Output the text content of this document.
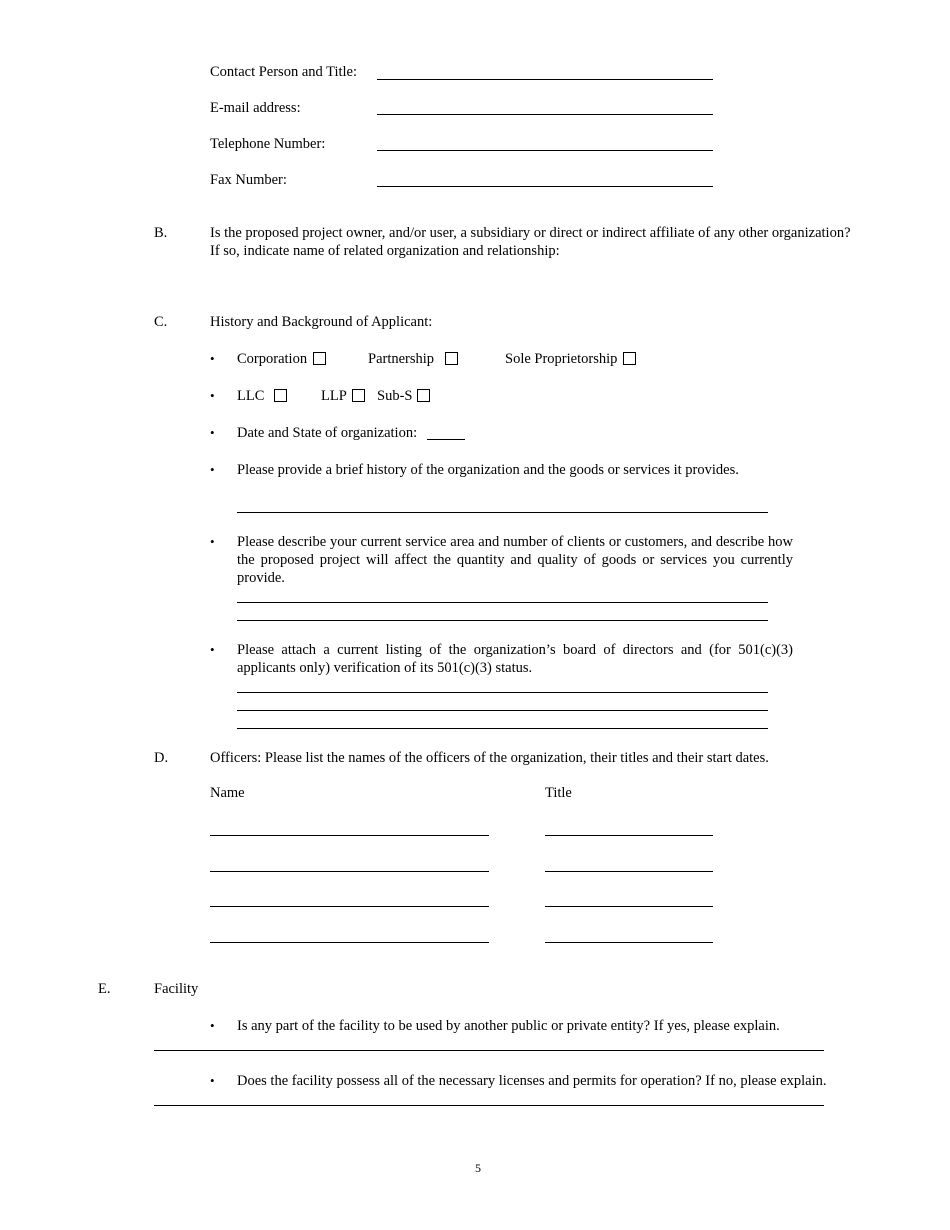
Contact Person and Title:
E-mail address:
Telephone Number:
Fax Number:
B.	Is the proposed project owner, and/or user, a subsidiary or direct or indirect affiliate of any other organization?
If so, indicate name of related organization and relationship:
C.	History and Background of Applicant:
• Corporation	Partnership	Sole Proprietorship
• LLC	LLP	Sub-S
• Date and State of organization:
• Please provide a brief history of the organization and the goods or services it provides.
• Please describe your current service area and number of clients or customers, and describe how the proposed project will affect the quantity and quality of goods or services you currently provide.
• Please attach a current listing of the organization’s board of directors and (for 501(c)(3) applicants only) verification of its 501(c)(3) status.
D.	Officers: Please list the names of the officers of the organization, their titles and their start dates.
Name	Title
E.	Facility
• Is any part of the facility to be used by another public or private entity? If yes, please explain.
• Does the facility possess all of the necessary licenses and permits for operation? If no, please explain.
5
